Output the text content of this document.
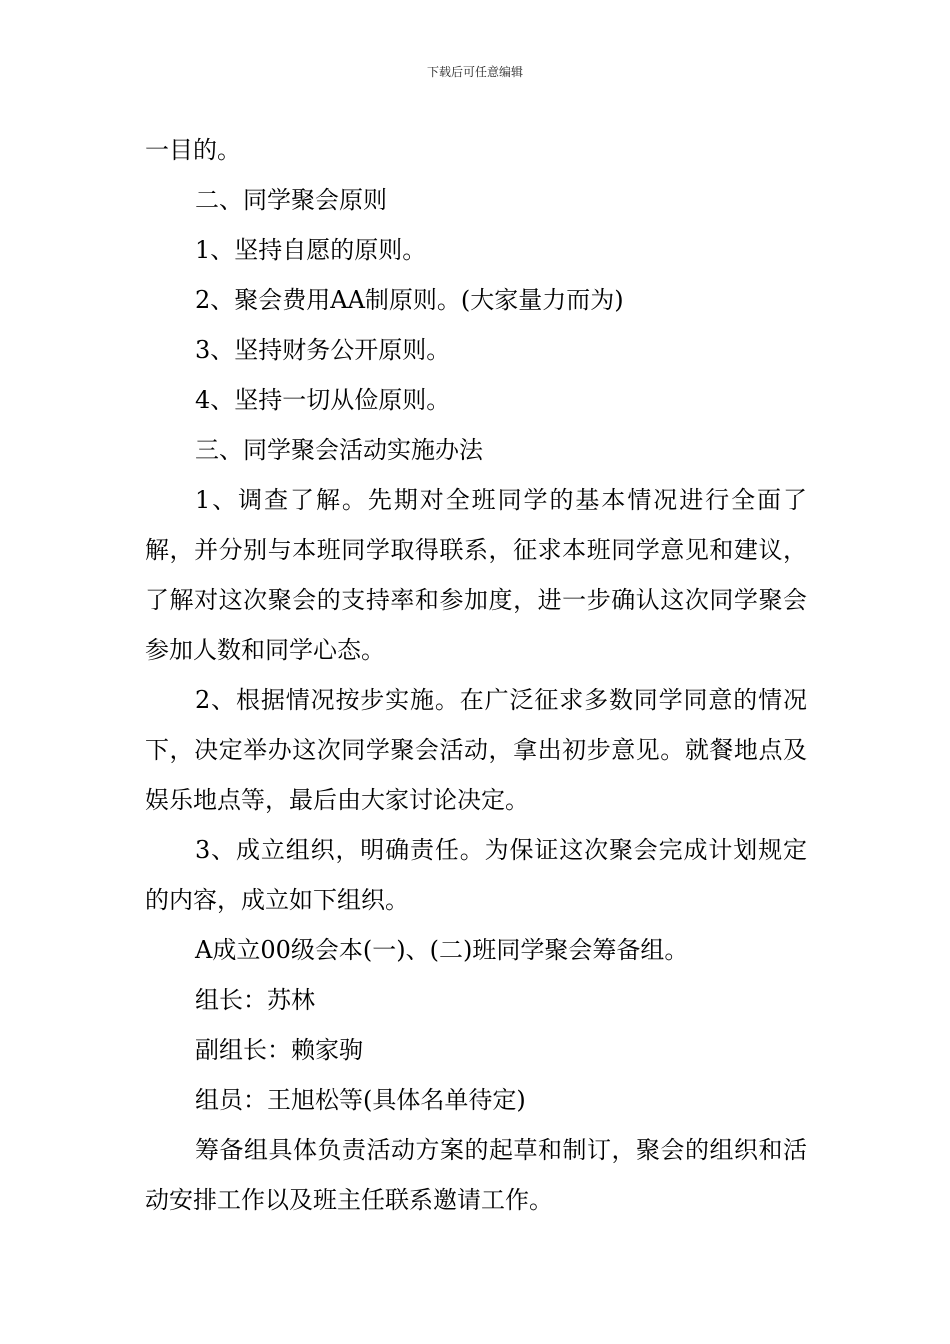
下载后可任意编辑

一目的。

二、同学聚会原则

1、坚持自愿的原则。

2、聚会费用AA制原则。(大家量力而为)

3、坚持财务公开原则。

4、坚持一切从俭原则。

三、同学聚会活动实施办法

1、调查了解。先期对全班同学的基本情况进行全面了解，并分别与本班同学取得联系，征求本班同学意见和建议，了解对这次聚会的支持率和参加度，进一步确认这次同学聚会参加人数和同学心态。

2、根据情况按步实施。在广泛征求多数同学同意的情况下，决定举办这次同学聚会活动，拿出初步意见。就餐地点及娱乐地点等，最后由大家讨论决定。

3、成立组织，明确责任。为保证这次聚会完成计划规定的内容，成立如下组织。

A成立00级会本(一)、(二)班同学聚会筹备组。

组长：苏林

副组长：赖家驹

组员：王旭松等(具体名单待定)

筹备组具体负责活动方案的起草和制订，聚会的组织和活动安排工作以及班主任联系邀请工作。
